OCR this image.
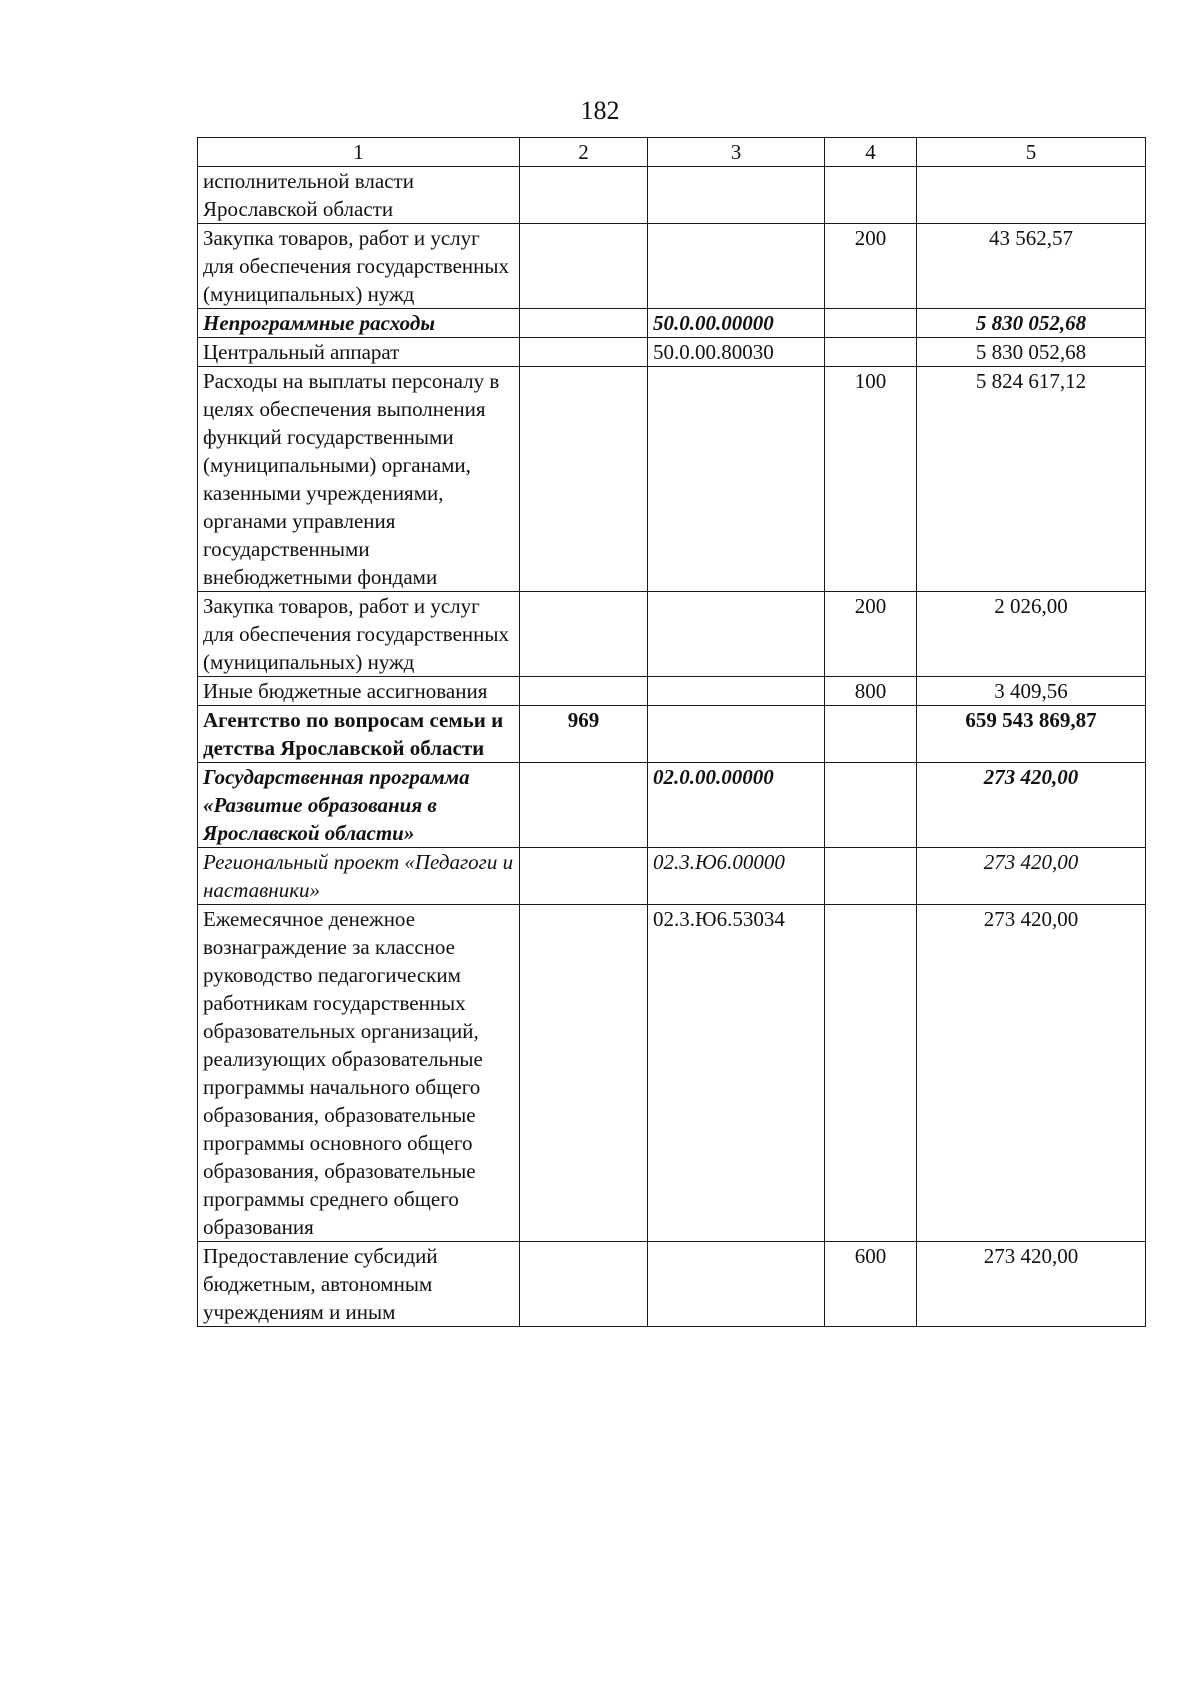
182
1	2	3	4	5
исполнительной власти Ярославской области				
Закупка товаров, работ и услуг для обеспечения государственных (муниципальных) нужд			200	43 562,57
Непрограммные расходы		50.0.00.00000		5 830 052,68
Центральный аппарат		50.0.00.80030		5 830 052,68
Расходы на выплаты персоналу в целях обеспечения выполнения функций государственными (муниципальными) органами, казенными учреждениями, органами управления государственными внебюджетными фондами			100	5 824 617,12
Закупка товаров, работ и услуг для обеспечения государственных (муниципальных) нужд			200	2 026,00
Иные бюджетные ассигнования			800	3 409,56
Агентство по вопросам семьи и детства Ярославской области	969			659 543 869,87
Государственная программа «Развитие образования в Ярославской области»		02.0.00.00000		273 420,00
Региональный проект «Педагоги и наставники»		02.3.Ю6.00000		273 420,00
Ежемесячное денежное вознаграждение за классное руководство педагогическим работникам государственных образовательных организаций, реализующих образовательные программы начального общего образования, образовательные программы основного общего образования, образовательные программы среднего общего образования		02.3.Ю6.53034		273 420,00
Предоставление субсидий бюджетным, автономным учреждениям и иным			600	273 420,00
